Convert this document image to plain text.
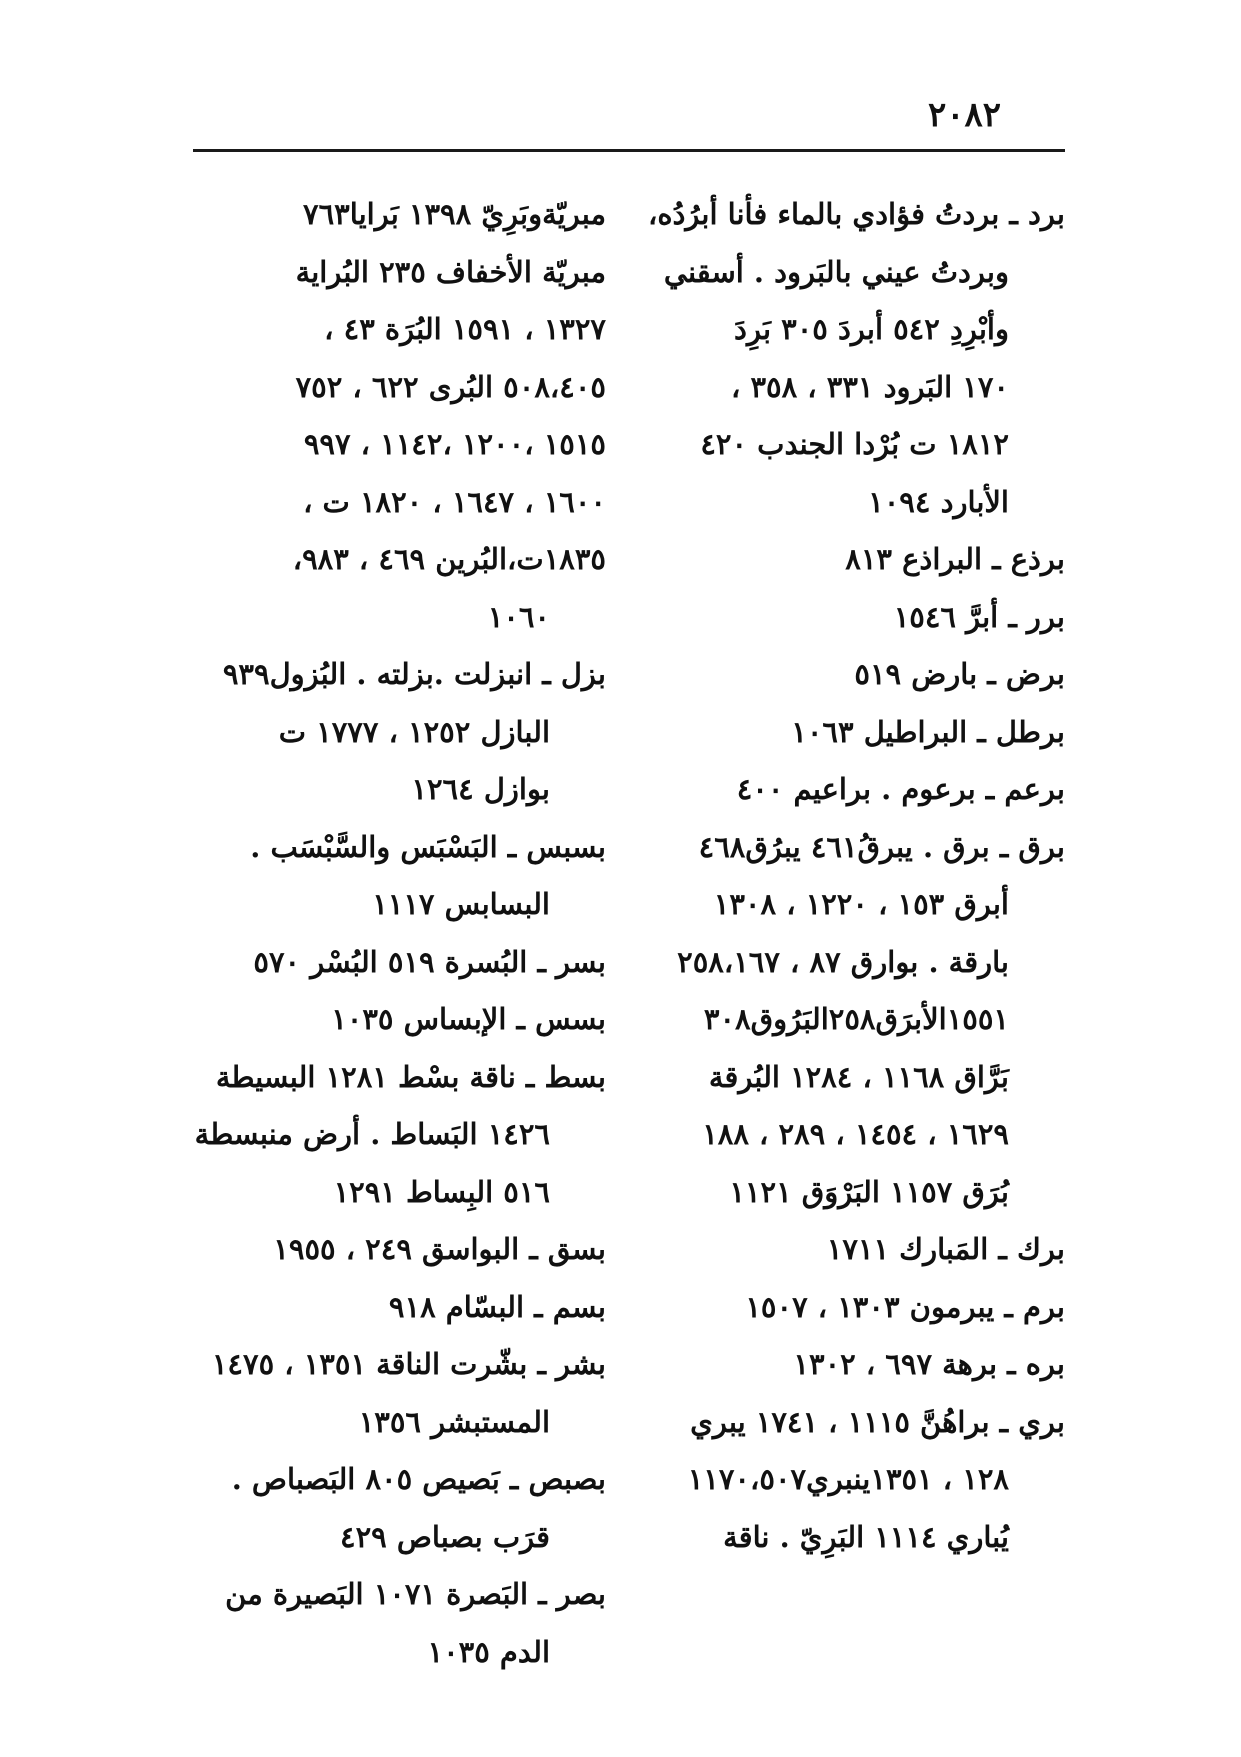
٢٠٨٢
برد ـ بردتُ فؤادي بالماء فأنا أبرُدُه،
وبردتُ عيني بالبَرود . أسقني
وأبْرِدِ ٥٤٢ أبردَ ٣٠٥ بَرِدَ
١٧٠ البَرود ٣٣١ ، ٣٥٨ ،
١٨١٢ ت بُرْدا الجندب ٤٢٠
الأبارد ١٠٩٤
برذع ـ البراذع ٨١٣
برر ـ أبرَّ ١٥٤٦
برض ـ بارض ٥١٩
برطل ـ البراطيل ١٠٦٣
برعم ـ برعوم . براعيم ٤٠٠
برق ـ برق . يبرقُ٤٦١ يبرُق٤٦٨
أبرق ١٥٣ ، ١٢٢٠ ، ١٣٠٨
بارقة . بوارق ٨٧ ، ٢٥٨،١٦٧
١٥٥١الأبرَق٢٥٨البَرُوق٣٠٨
بَرَّاق ١١٦٨ ، ١٢٨٤ البُرقة
١٦٢٩ ، ١٤٥٤ ، ٢٨٩ ، ١٨٨
بُرَق ١١٥٧ البَرْوَق ١١٢١
برك ـ المَبارك ١٧١١
برم ـ يبرمون ١٣٠٣ ، ١٥٠٧
بره ـ برهة ٦٩٧ ، ١٣٠٢
بري ـ براهُنَّ ١١١٥ ، ١٧٤١ يبري
١٢٨ ، ١٣٥١ينبري١١٧٠،٥٠٧
يُباري ١١١٤ البَرِيّ . ناقة
مبريّةوبَرِيّ ١٣٩٨ بَرايا٧٦٣
مبريّة الأخفاف ٢٣٥ البُراية
١٣٢٧ ، ١٥٩١ البُرَة ٤٣ ،
٥٠٨،٤٠٥ البُرى ٦٢٢ ، ٧٥٢
١٥١٥ ،١٢٠٠ ،١١٤٢ ، ٩٩٧
١٦٠٠ ، ١٦٤٧ ، ١٨٢٠ ت ،
١٨٣٥ت،البُرين ٤٦٩ ، ٩٨٣،
١٠٦٠
بزل ـ انبزلت .بزلته . البُزول٩٣٩
البازل ١٢٥٢ ، ١٧٧٧ ت
بوازل ١٢٦٤
بسبس ـ البَسْبَس والسَّبْسَب .
البسابس ١١١٧
بسر ـ البُسرة ٥١٩ البُسْر ٥٧٠
بسس ـ الإبساس ١٠٣٥
بسط ـ ناقة بسْط ١٢٨١ البسيطة
١٤٢٦ البَساط . أرض منبسطة
٥١٦ البِساط ١٢٩١
بسق ـ البواسق ٢٤٩ ، ١٩٥٥
بسم ـ البسّام ٩١٨
بشر ـ بشّرت الناقة ١٣٥١ ، ١٤٧٥
المستبشر ١٣٥٦
بصبص ـ بَصيص ٨٠٥ البَصباص .
قرَب بصباص ٤٢٩
بصر ـ البَصرة ١٠٧١ البَصيرة من
الدم ١٠٣٥
